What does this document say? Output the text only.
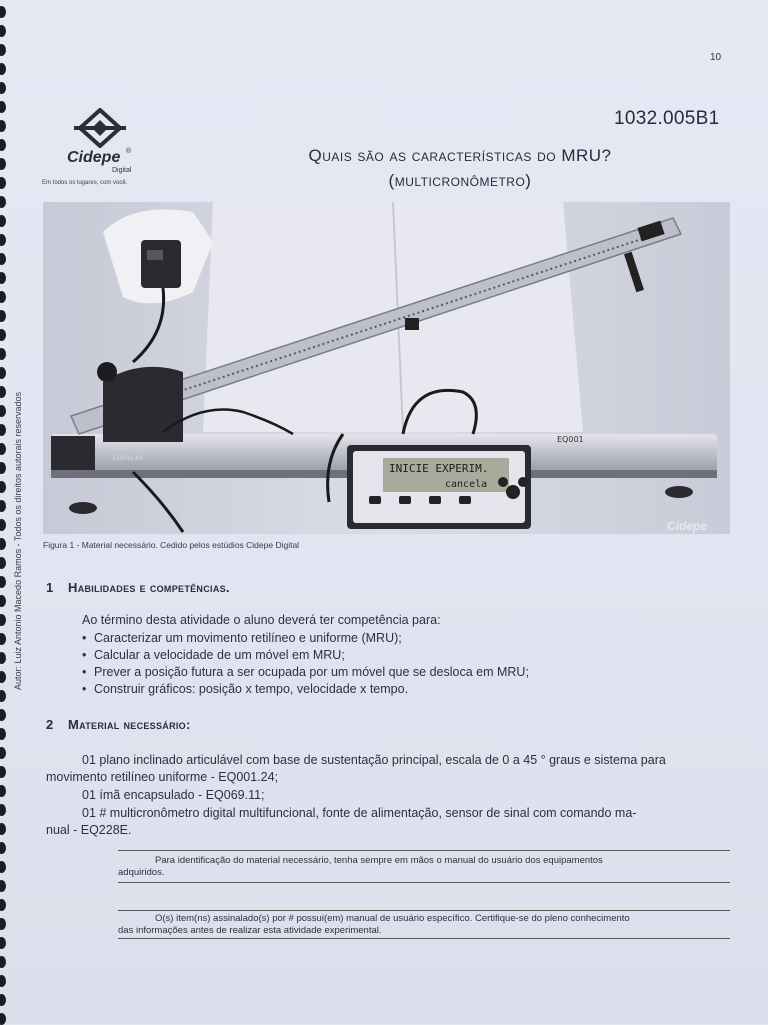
10
1032.005B1
Cidepe ®
Digital
Em todos os lugares, com você.
Quais são as características do MRU?
(multicronômetro)
EQ001.43
INICIE EXPERIM.
cancela
EQ001
Cidepe
Figura 1 - Material necessário. Cedido pelos estúdios Cidepe Digital
Autor: Luiz Antonio Macedo Ramos - Todos os direitos autorais reservados 1 Habilidades e competências.
Ao término desta atividade o aluno deverá ter competência para:
• Caracterizar um movimento retilíneo e uniforme (MRU);
• Calcular a velocidade de um móvel em MRU;
• Prever a posição futura a ser ocupada por um móvel que se desloca em MRU;
• Construir gráficos: posição x tempo, velocidade x tempo.
2 Material necessário:
01 plano inclinado articulável com base de sustentação principal, escala de 0 a 45 ° graus e sistema para
movimento retilíneo uniforme - EQ001.24;
01 ímã encapsulado - EQ069.11;
01 # multicronômetro digital multifuncional, fonte de alimentação, sensor de sinal com comando ma-
nual - EQ228E.
Para identificação do material necessário, tenha sempre em mãos o manual do usuário dos equipamentos
adquiridos.
O(s) item(ns) assinalado(s) por # possui(em) manual de usuário específico. Certifique-se do pleno conhecimento
das informações antes de realizar esta atividade experimental.
